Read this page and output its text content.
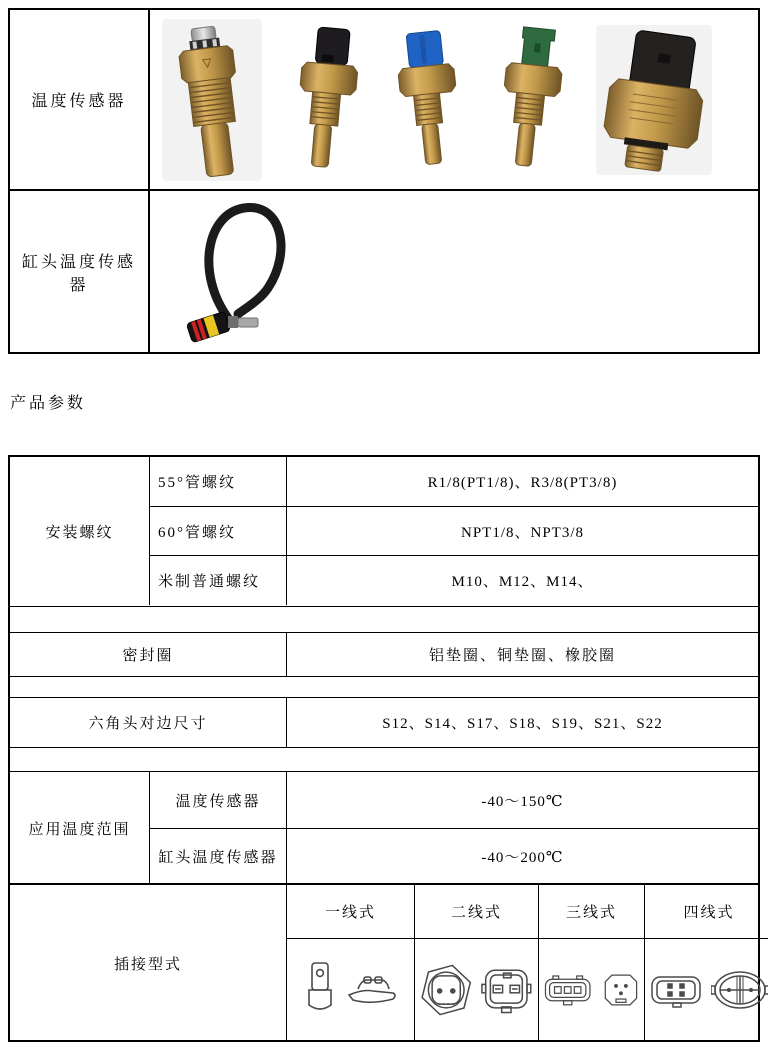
温度传感器
缸头温度传感器
产品参数
安装螺纹
55°管螺纹	R1/8(PT1/8)、R3/8(PT3/8)
60°管螺纹	NPT1/8、NPT3/8
米制普通螺纹	M10、M12、M14、
密封圈	铝垫圈、铜垫圈、橡胶圈
六角头对边尺寸	S12、S14、S17、S18、S19、S21、S22
应用温度范围
温度传感器	-40～150℃
缸头温度传感器	-40～200℃
插接型式
一线式	二线式	三线式	四线式
